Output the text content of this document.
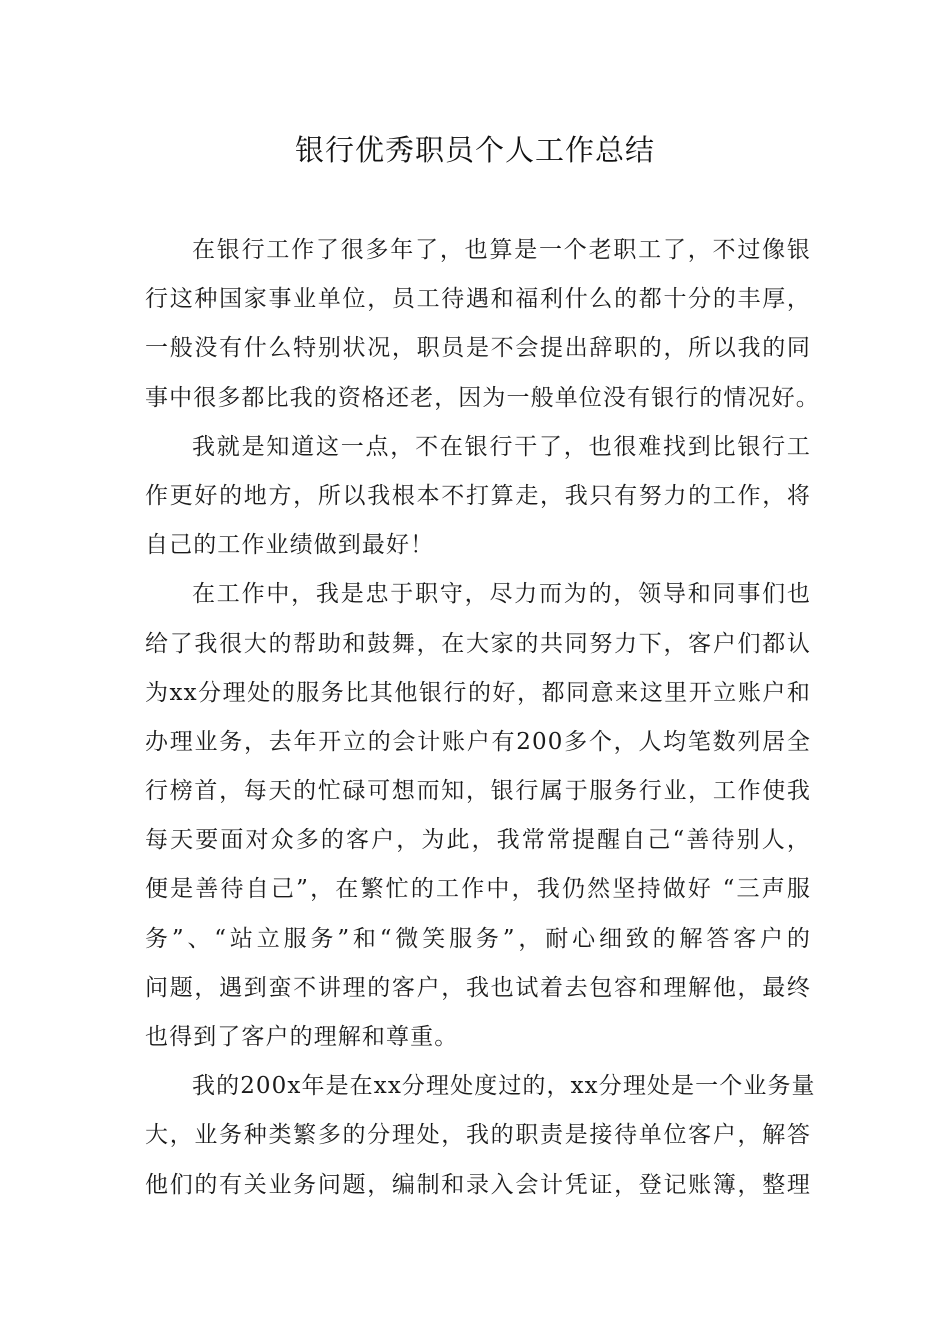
银行优秀职员个人工作总结
在银行工作了很多年了，也算是一个老职工了，不过像银
行这种国家事业单位，员工待遇和福利什么的都十分的丰厚，
一般没有什么特别状况，职员是不会提出辞职的，所以我的同
事中很多都比我的资格还老，因为一般单位没有银行的情况好。
我就是知道这一点，不在银行干了，也很难找到比银行工
作更好的地方，所以我根本不打算走，我只有努力的工作，将
自己的工作业绩做到最好！
在工作中，我是忠于职守，尽力而为的，领导和同事们也
给了我很大的帮助和鼓舞，在大家的共同努力下，客户们都认
为xx分理处的服务比其他银行的好，都同意来这里开立账户和
办理业务，去年开立的会计账户有200多个，人均笔数列居全
行榜首，每天的忙碌可想而知，银行属于服务行业，工作使我
每天要面对众多的客户，为此，我常常提醒自己“善待别人，
便是善待自己”，在繁忙的工作中，我仍然坚持做好 “三声服
务”、“站立服务”和“微笑服务”，耐心细致的解答客户的
问题，遇到蛮不讲理的客户，我也试着去包容和理解他，最终
也得到了客户的理解和尊重。
我的200x年是在xx分理处度过的，xx分理处是一个业务量
大，业务种类繁多的分理处，我的职责是接待单位客户，解答
他们的有关业务问题，编制和录入会计凭证，登记账簿，整理
